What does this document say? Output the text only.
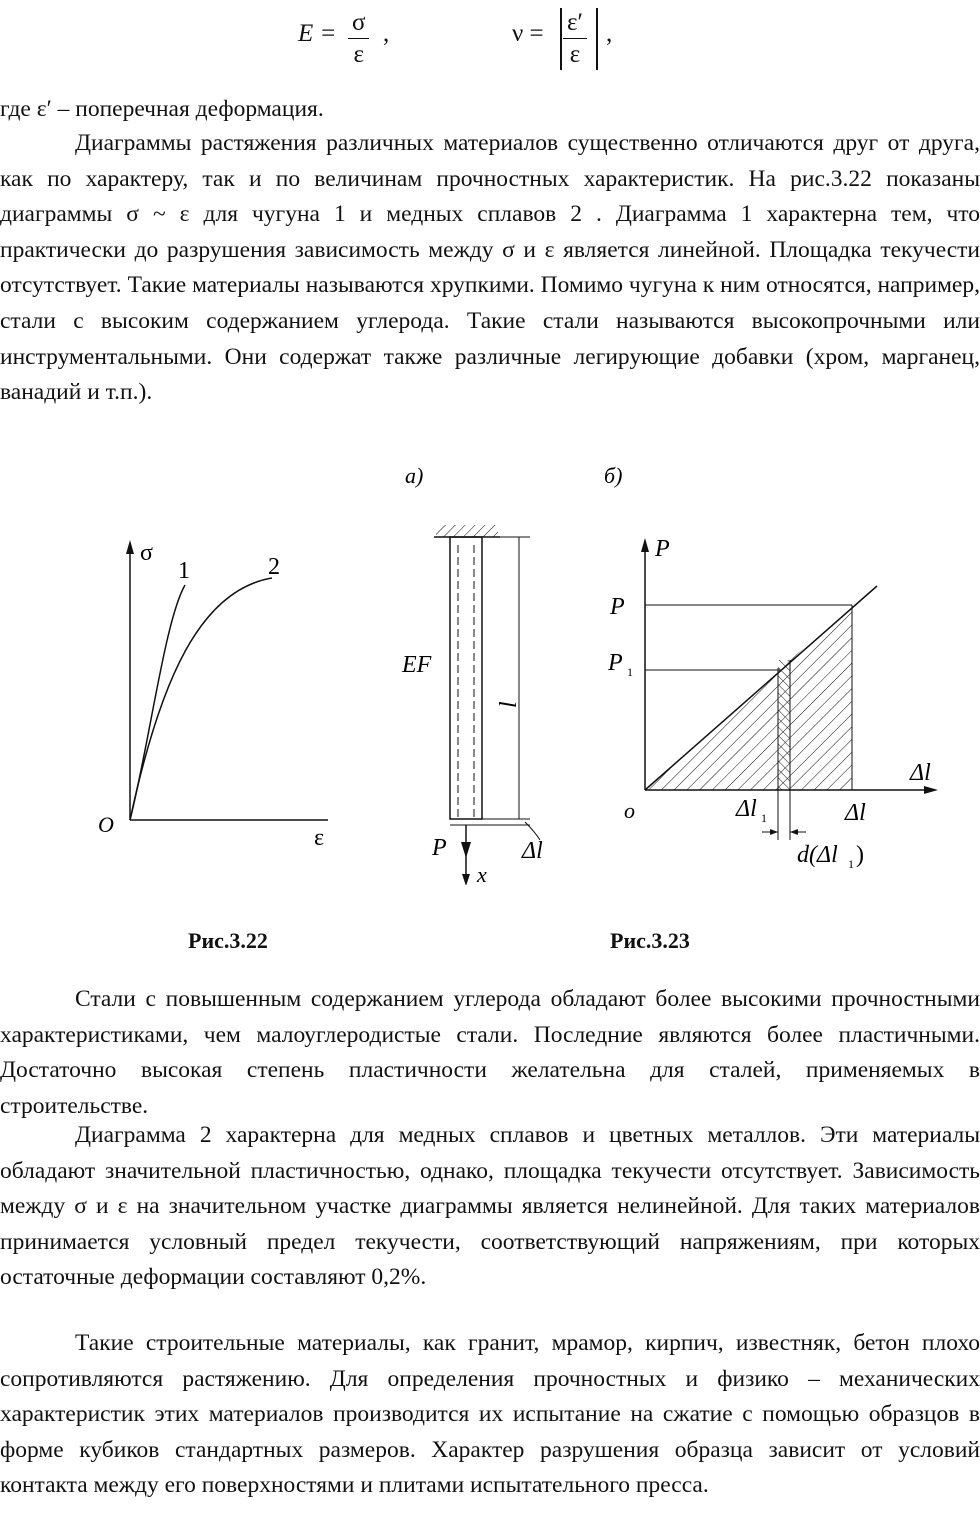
$E = \frac{\sigma}{\varepsilon}$ ,	$\nu = \frac{\varepsilon'}{\varepsilon}$ ,
где ε′ – поперечная деформация.

Диаграммы растяжения различных материалов существенно отличаются друг от друга, как по характеру, так и по величинам прочностных характеристик. На рис.3.22 показаны диаграммы σ ~ ε для чугуна 1 и медных сплавов 2 . Диаграмма 1 характерна тем, что практически до разрушения зависимость между σ и ε является линейной. Площадка текучести отсутствует. Такие материалы называются хрупкими. Помимо чугуна к ним относятся, например, стали с высоким содержанием углерода. Такие стали называются высокопрочными или инструментальными. Они содержат также различные легирующие добавки (хром, марганец, ванадий и т.п.).

σ
ε
O
1	2
а)
EF
l
P
x
Δl
б)
P
P
P 1
o
Δl
Δl
Δl 1
d(Δl 1 )
Рис.3.22	Рис.3.23

Стали с повышенным содержанием углерода обладают более высокими прочностными характеристиками, чем малоуглеродистые стали. Последние являются более пластичными. Достаточно высокая степень пластичности желательна для сталей, применяемых в строительстве.

Диаграмма 2 характерна для медных сплавов и цветных металлов. Эти материалы обладают значительной пластичностью, однако, площадка текучести отсутствует. Зависимость между σ и ε на значительном участке диаграммы является нелинейной. Для таких материалов принимается условный предел текучести, соответствующий напряжениям, при которых остаточные деформации составляют 0,2%.

Такие строительные материалы, как гранит, мрамор, кирпич, известняк, бетон плохо сопротивляются растяжению. Для определения прочностных и физико – механических характеристик этих материалов производится их испытание на сжатие с помощью образцов в форме кубиков стандартных размеров. Характер разрушения образца зависит от условий контакта между его поверхностями и плитами испытательного пресса.
